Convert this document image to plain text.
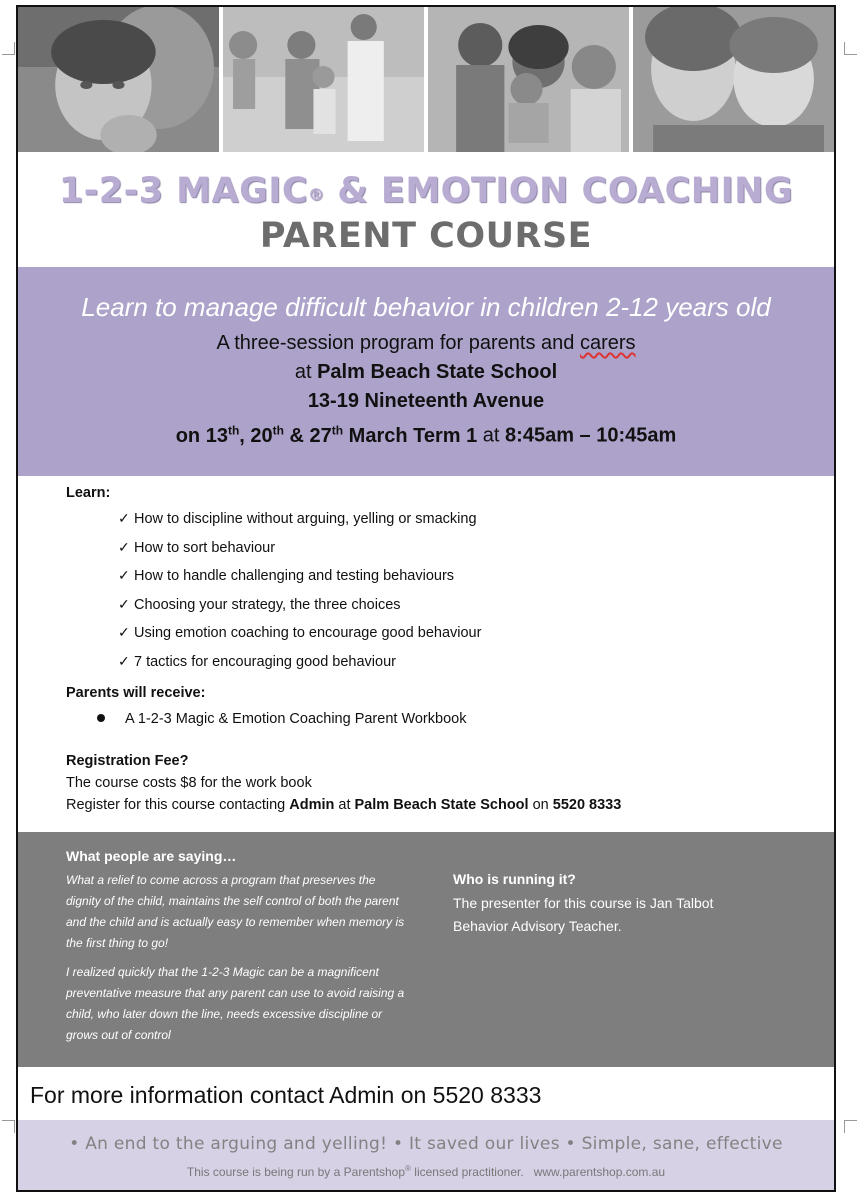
1-2-3 MAGIC® & EMOTION COACHING
PARENT COURSE
Learn to manage difficult behavior in children 2-12 years old
A three-session program for parents and carers
at Palm Beach State School
13-19 Nineteenth Avenue
on 13th, 20th & 27th March Term 1 at 8:45am – 10:45am
Learn:
✓ How to discipline without arguing, yelling or smacking
✓ How to sort behaviour
✓ How to handle challenging and testing behaviours
✓ Choosing your strategy, the three choices
✓ Using emotion coaching to encourage good behaviour
✓ 7 tactics for encouraging good behaviour
Parents will receive:
A 1-2-3 Magic & Emotion Coaching Parent Workbook
Registration Fee?
The course costs $8 for the work book
Register for this course contacting Admin at Palm Beach State School on 5520 8333
What people are saying…
What a relief to come across a program that preserves the dignity of the child, maintains the self control of both the parent and the child and is actually easy to remember when memory is the first thing to go!
I realized quickly that the 1-2-3 Magic can be a magnificent preventative measure that any parent can use to avoid raising a child, who later down the line, needs excessive discipline or grows out of control
Who is running it?
The presenter for this course is Jan Talbot
Behavior Advisory Teacher.
For more information contact Admin on 5520 8333
• An end to the arguing and yelling! • It saved our lives • Simple, sane, effective
This course is being run by a Parentshop® licensed practitioner. www.parentshop.com.au
